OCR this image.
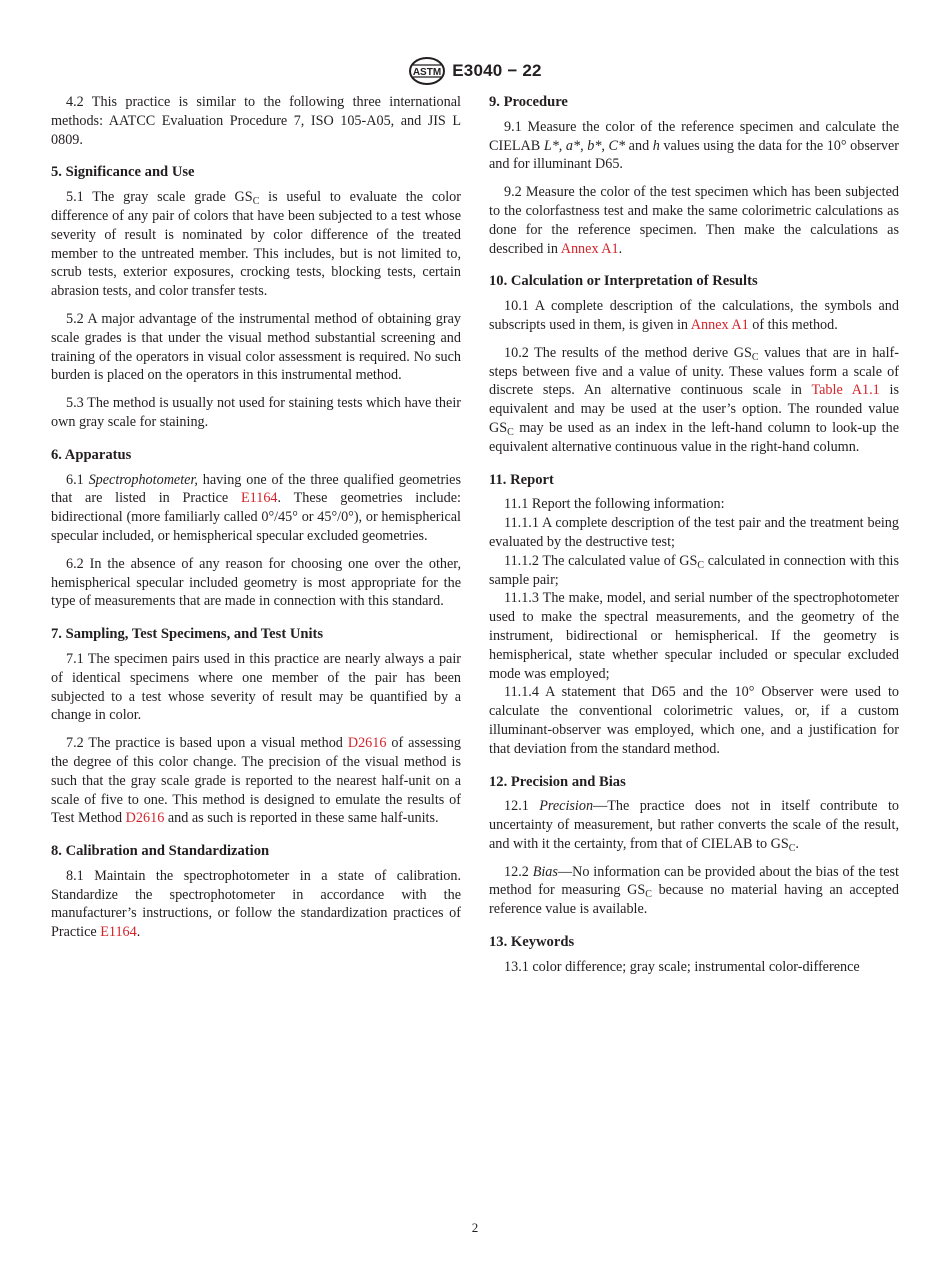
ASTM E3040 − 22

4.2 This practice is similar to the following three international methods: AATCC Evaluation Procedure 7, ISO 105-A05, and JIS L 0809.

5. Significance and Use

5.1 The gray scale grade $GS_C$ is useful to evaluate the color difference of any pair of colors that have been subjected to a test whose severity of result is nominated by color difference of the treated member to the untreated member. This includes, but is not limited to, scrub tests, exterior exposures, crocking tests, blocking tests, certain abrasion tests, and color transfer tests.

5.2 A major advantage of the instrumental method of obtaining gray scale grades is that under the visual method substantial screening and training of the operators in visual color assessment is required. No such burden is placed on the operators in this instrumental method.

5.3 The method is usually not used for staining tests which have their own gray scale for staining.

6. Apparatus

6.1 Spectrophotometer, having one of the three qualified geometries that are listed in Practice E1164. These geometries include: bidirectional (more familiarly called 0°/45° or 45°/0°), or hemispherical specular included, or hemispherical specular excluded geometries.

6.2 In the absence of any reason for choosing one over the other, hemispherical specular included geometry is most appropriate for the type of measurements that are made in connection with this standard.

7. Sampling, Test Specimens, and Test Units

7.1 The specimen pairs used in this practice are nearly always a pair of identical specimens where one member of the pair has been subjected to a test whose severity of result may be quantified by a change in color.

7.2 The practice is based upon a visual method D2616 of assessing the degree of this color change. The precision of the visual method is such that the gray scale grade is reported to the nearest half-unit on a scale of five to one. This method is designed to emulate the results of Test Method D2616 and as such is reported in these same half-units.

8. Calibration and Standardization

8.1 Maintain the spectrophotometer in a state of calibration. Standardize the spectrophotometer in accordance with the manufacturer’s instructions, or follow the standardization practices of Practice E1164.

9. Procedure

9.1 Measure the color of the reference specimen and calculate the CIELAB L*, a*, b*, C* and h values using the data for the 10° observer and for illuminant D65.

9.2 Measure the color of the test specimen which has been subjected to the colorfastness test and make the same colorimetric calculations as done for the reference specimen. Then make the calculations as described in Annex A1.

10. Calculation or Interpretation of Results

10.1 A complete description of the calculations, the symbols and subscripts used in them, is given in Annex A1 of this method.

10.2 The results of the method derive $GS_C$ values that are in half-steps between five and a value of unity. These values form a scale of discrete steps. An alternative continuous scale in Table A1.1 is equivalent and may be used at the user’s option. The rounded value $GS_C$ may be used as an index in the left-hand column to look-up the equivalent alternative continuous value in the right-hand column.

11. Report

11.1 Report the following information:

11.1.1 A complete description of the test pair and the treatment being evaluated by the destructive test;

11.1.2 The calculated value of $GS_C$ calculated in connection with this sample pair;

11.1.3 The make, model, and serial number of the spectrophotometer used to make the spectral measurements, and the geometry of the instrument, bidirectional or hemispherical. If the geometry is hemispherical, state whether specular included or specular excluded mode was employed;

11.1.4 A statement that D65 and the 10° Observer were used to calculate the conventional colorimetric values, or, if a custom illuminant-observer was employed, which one, and a justification for that deviation from the standard method.

12. Precision and Bias

12.1 Precision—The practice does not in itself contribute to uncertainty of measurement, but rather converts the scale of the result, and with it the certainty, from that of CIELAB to $GS_C$.

12.2 Bias—No information can be provided about the bias of the test method for measuring $GS_C$ because no material having an accepted reference value is available.

13. Keywords

13.1 color difference; gray scale; instrumental color-difference

2
